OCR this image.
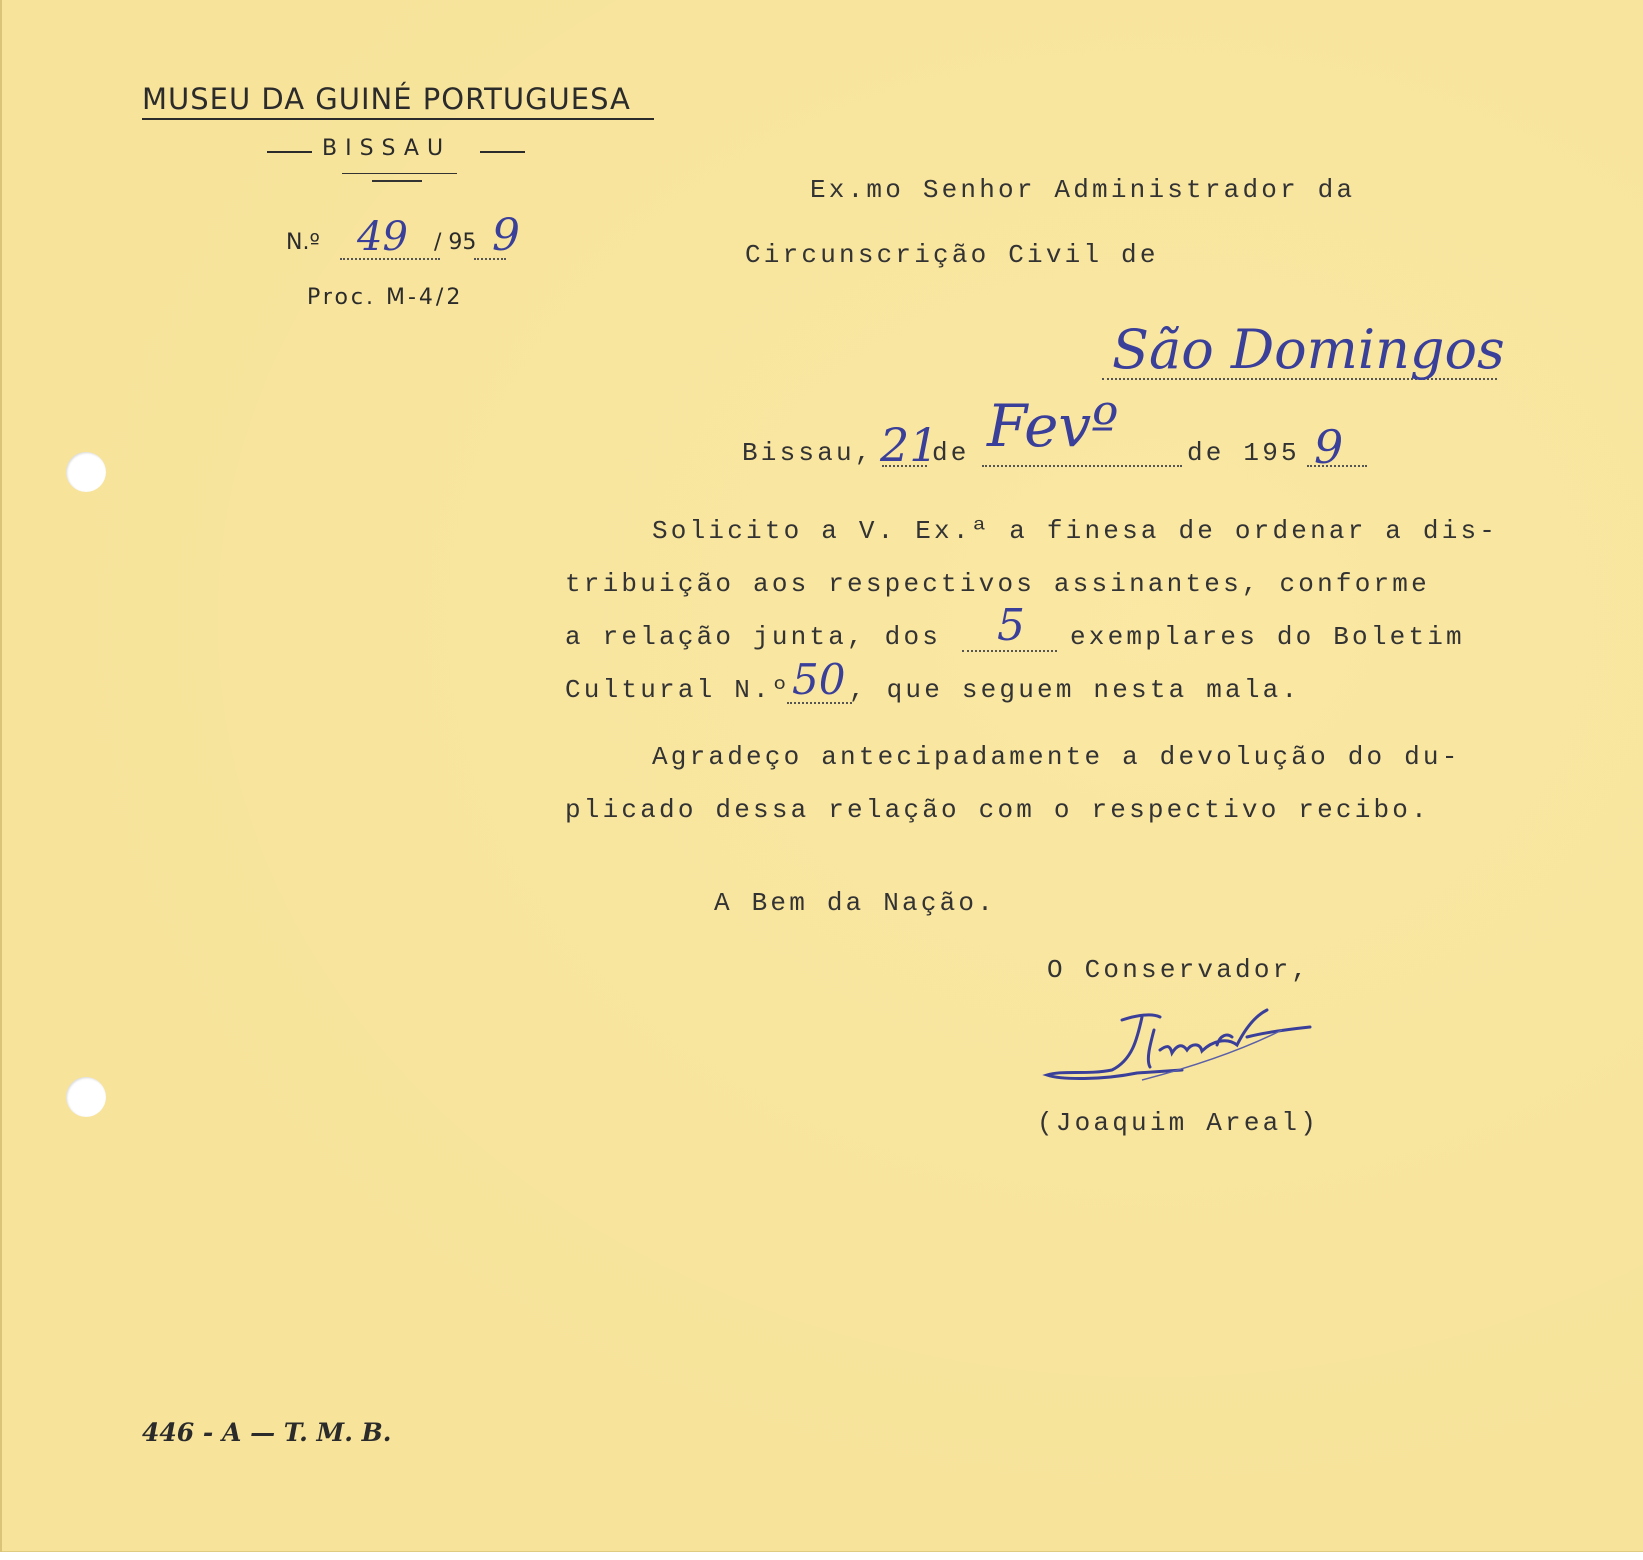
MUSEU DA GUINÉ PORTUGUESA
BISSAU
N.º 49 / 95 9
Proc. M-4/2
Ex.mo Senhor Administrador da
Circunscrição Civil de
São Domingos
Bissau, 21
de Fevº	de 195 9
Solicito a V. Ex.ª a finesa de ordenar a dis-
tribuição aos respectivos assinantes, conforme
a relação junta, dos 5 exemplares do Boletim
Cultural N.º 50 , que seguem nesta mala.
Agradeço antecipadamente a devolução do du-
plicado dessa relação com o respectivo recibo.
A Bem da Nação.
O Conservador,
(Joaquim Areal)
446 - A — T. M. B.
